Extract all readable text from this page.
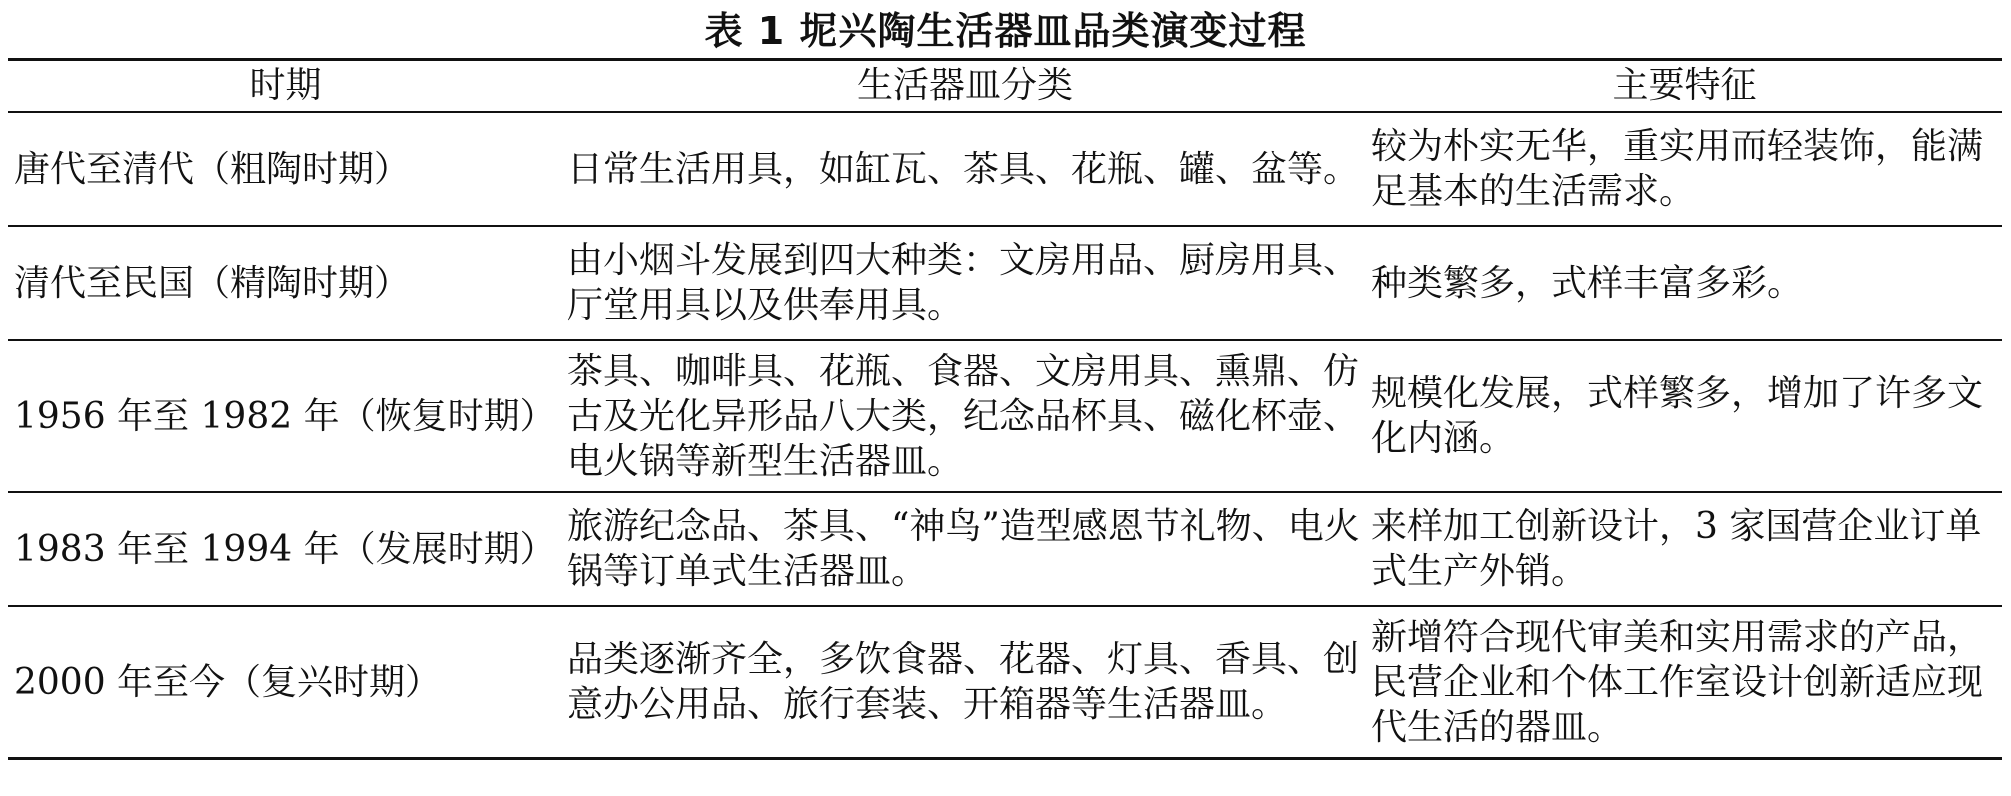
表 1 坭兴陶生活器皿品类演变过程
时期	生活器皿分类	主要特征
唐代至清代（粗陶时期）	日常生活用具，如缸瓦、茶具、花瓶、罐、盆等。	较为朴实无华，重实用而轻装饰，能满足基本的生活需求。
清代至民国（精陶时期）	由小烟斗发展到四大种类：文房用品、厨房用具、厅堂用具以及供奉用具。	种类繁多，式样丰富多彩。
1956 年至 1982 年（恢复时期）	茶具、咖啡具、花瓶、食器、文房用具、熏鼎、仿古及光化异形品八大类，纪念品杯具、磁化杯壶、电火锅等新型生活器皿。	规模化发展，式样繁多，增加了许多文化内涵。
1983 年至 1994 年（发展时期）	旅游纪念品、茶具、“神鸟”造型感恩节礼物、电火锅等订单式生活器皿。	来样加工创新设计，3 家国营企业订单式生产外销。
2000 年至今（复兴时期）	品类逐渐齐全，多饮食器、花器、灯具、香具、创意办公用品、旅行套装、开箱器等生活器皿。	新增符合现代审美和实用需求的产品，民营企业和个体工作室设计创新适应现代生活的器皿。
